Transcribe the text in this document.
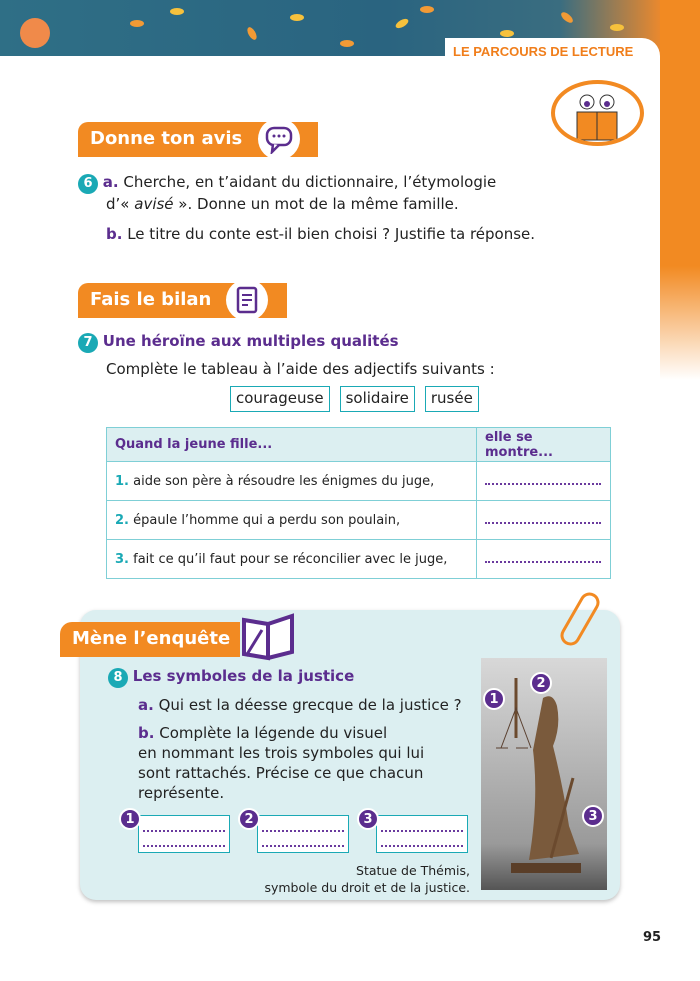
LE PARCOURS DE LECTURE
Donne ton avis
6 a. Cherche, en t’aidant du dictionnaire, l’étymologie
d’« avisé ». Donne un mot de la même famille.
b. Le titre du conte est-il bien choisi ? Justifie ta réponse.
Fais le bilan
7 Une héroïne aux multiples qualités
Complète le tableau à l’aide des adjectifs suivants :
courageuse	solidaire	rusée
Quand la jeune fille...	elle se montre...
1. aide son père à résoudre les énigmes du juge,	
2. épaule l’homme qui a perdu son poulain,	
3. fait ce qu’il faut pour se réconcilier avec le juge,	
Mène l’enquête
8 Les symboles de la justice
a. Qui est la déesse grecque de la justice ?
b. Complète la légende du visuel
en nommant les trois symboles qui lui
sont rattachés. Précise ce que chacun
représente.
1	2	3
Statue de Thémis,
symbole du droit et de la justice.
1
2
3
95
